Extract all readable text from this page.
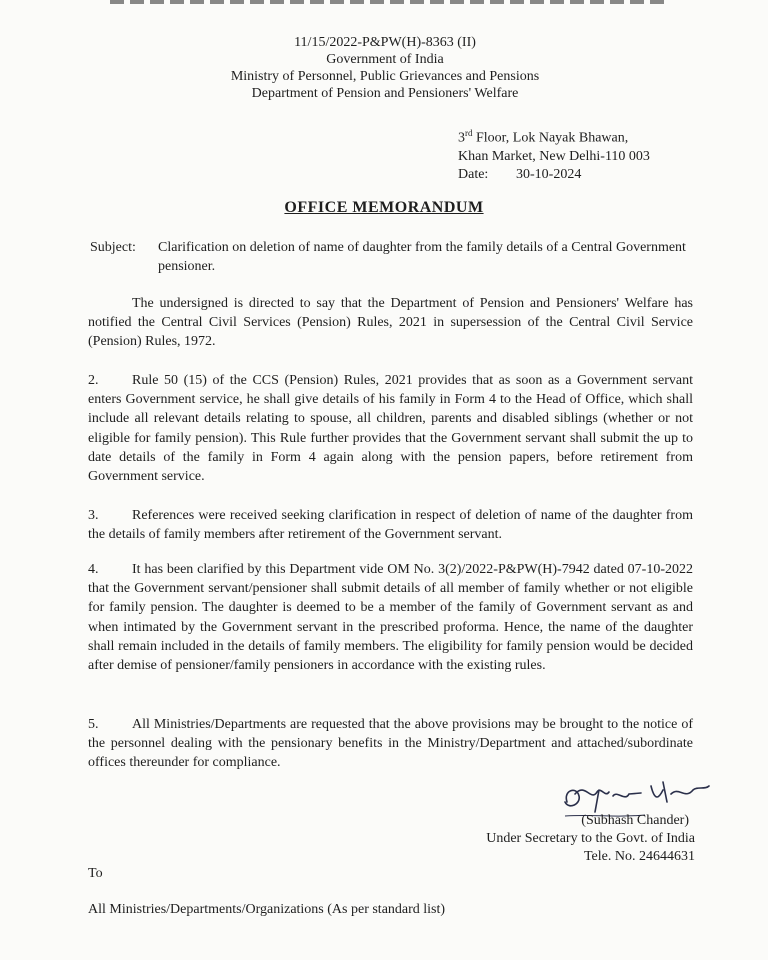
11/15/2022-P&PW(H)-8363 (II)
Government of India
Ministry of Personnel, Public Grievances and Pensions
Department of Pension and Pensioners' Welfare
3rd Floor, Lok Nayak Bhawan,
Khan Market, New Delhi-110 003
Date: 30-10-2024
OFFICE MEMORANDUM
Subject:	Clarification on deletion of name of daughter from the family details of a Central Government pensioner.

The undersigned is directed to say that the Department of Pension and Pensioners' Welfare has notified the Central Civil Services (Pension) Rules, 2021 in supersession of the Central Civil Service (Pension) Rules, 1972.

2. Rule 50 (15) of the CCS (Pension) Rules, 2021 provides that as soon as a Government servant enters Government service, he shall give details of his family in Form 4 to the Head of Office, which shall include all relevant details relating to spouse, all children, parents and disabled siblings (whether or not eligible for family pension). This Rule further provides that the Government servant shall submit the up to date details of the family in Form 4 again along with the pension papers, before retirement from Government service.

3. References were received seeking clarification in respect of deletion of name of the daughter from the details of family members after retirement of the Government servant.

4. It has been clarified by this Department vide OM No. 3(2)/2022-P&PW(H)-7942 dated 07-10-2022 that the Government servant/pensioner shall submit details of all member of family whether or not eligible for family pension. The daughter is deemed to be a member of the family of Government servant as and when intimated by the Government servant in the prescribed proforma. Hence, the name of the daughter shall remain included in the details of family members. The eligibility for family pension would be decided after demise of pensioner/family pensioners in accordance with the existing rules.

5. All Ministries/Departments are requested that the above provisions may be brought to the notice of the personnel dealing with the pensionary benefits in the Ministry/Department and attached/subordinate offices thereunder for compliance.

(Subhash Chander)
Under Secretary to the Govt. of India
Tele. No. 24644631
To
All Ministries/Departments/Organizations (As per standard list)
